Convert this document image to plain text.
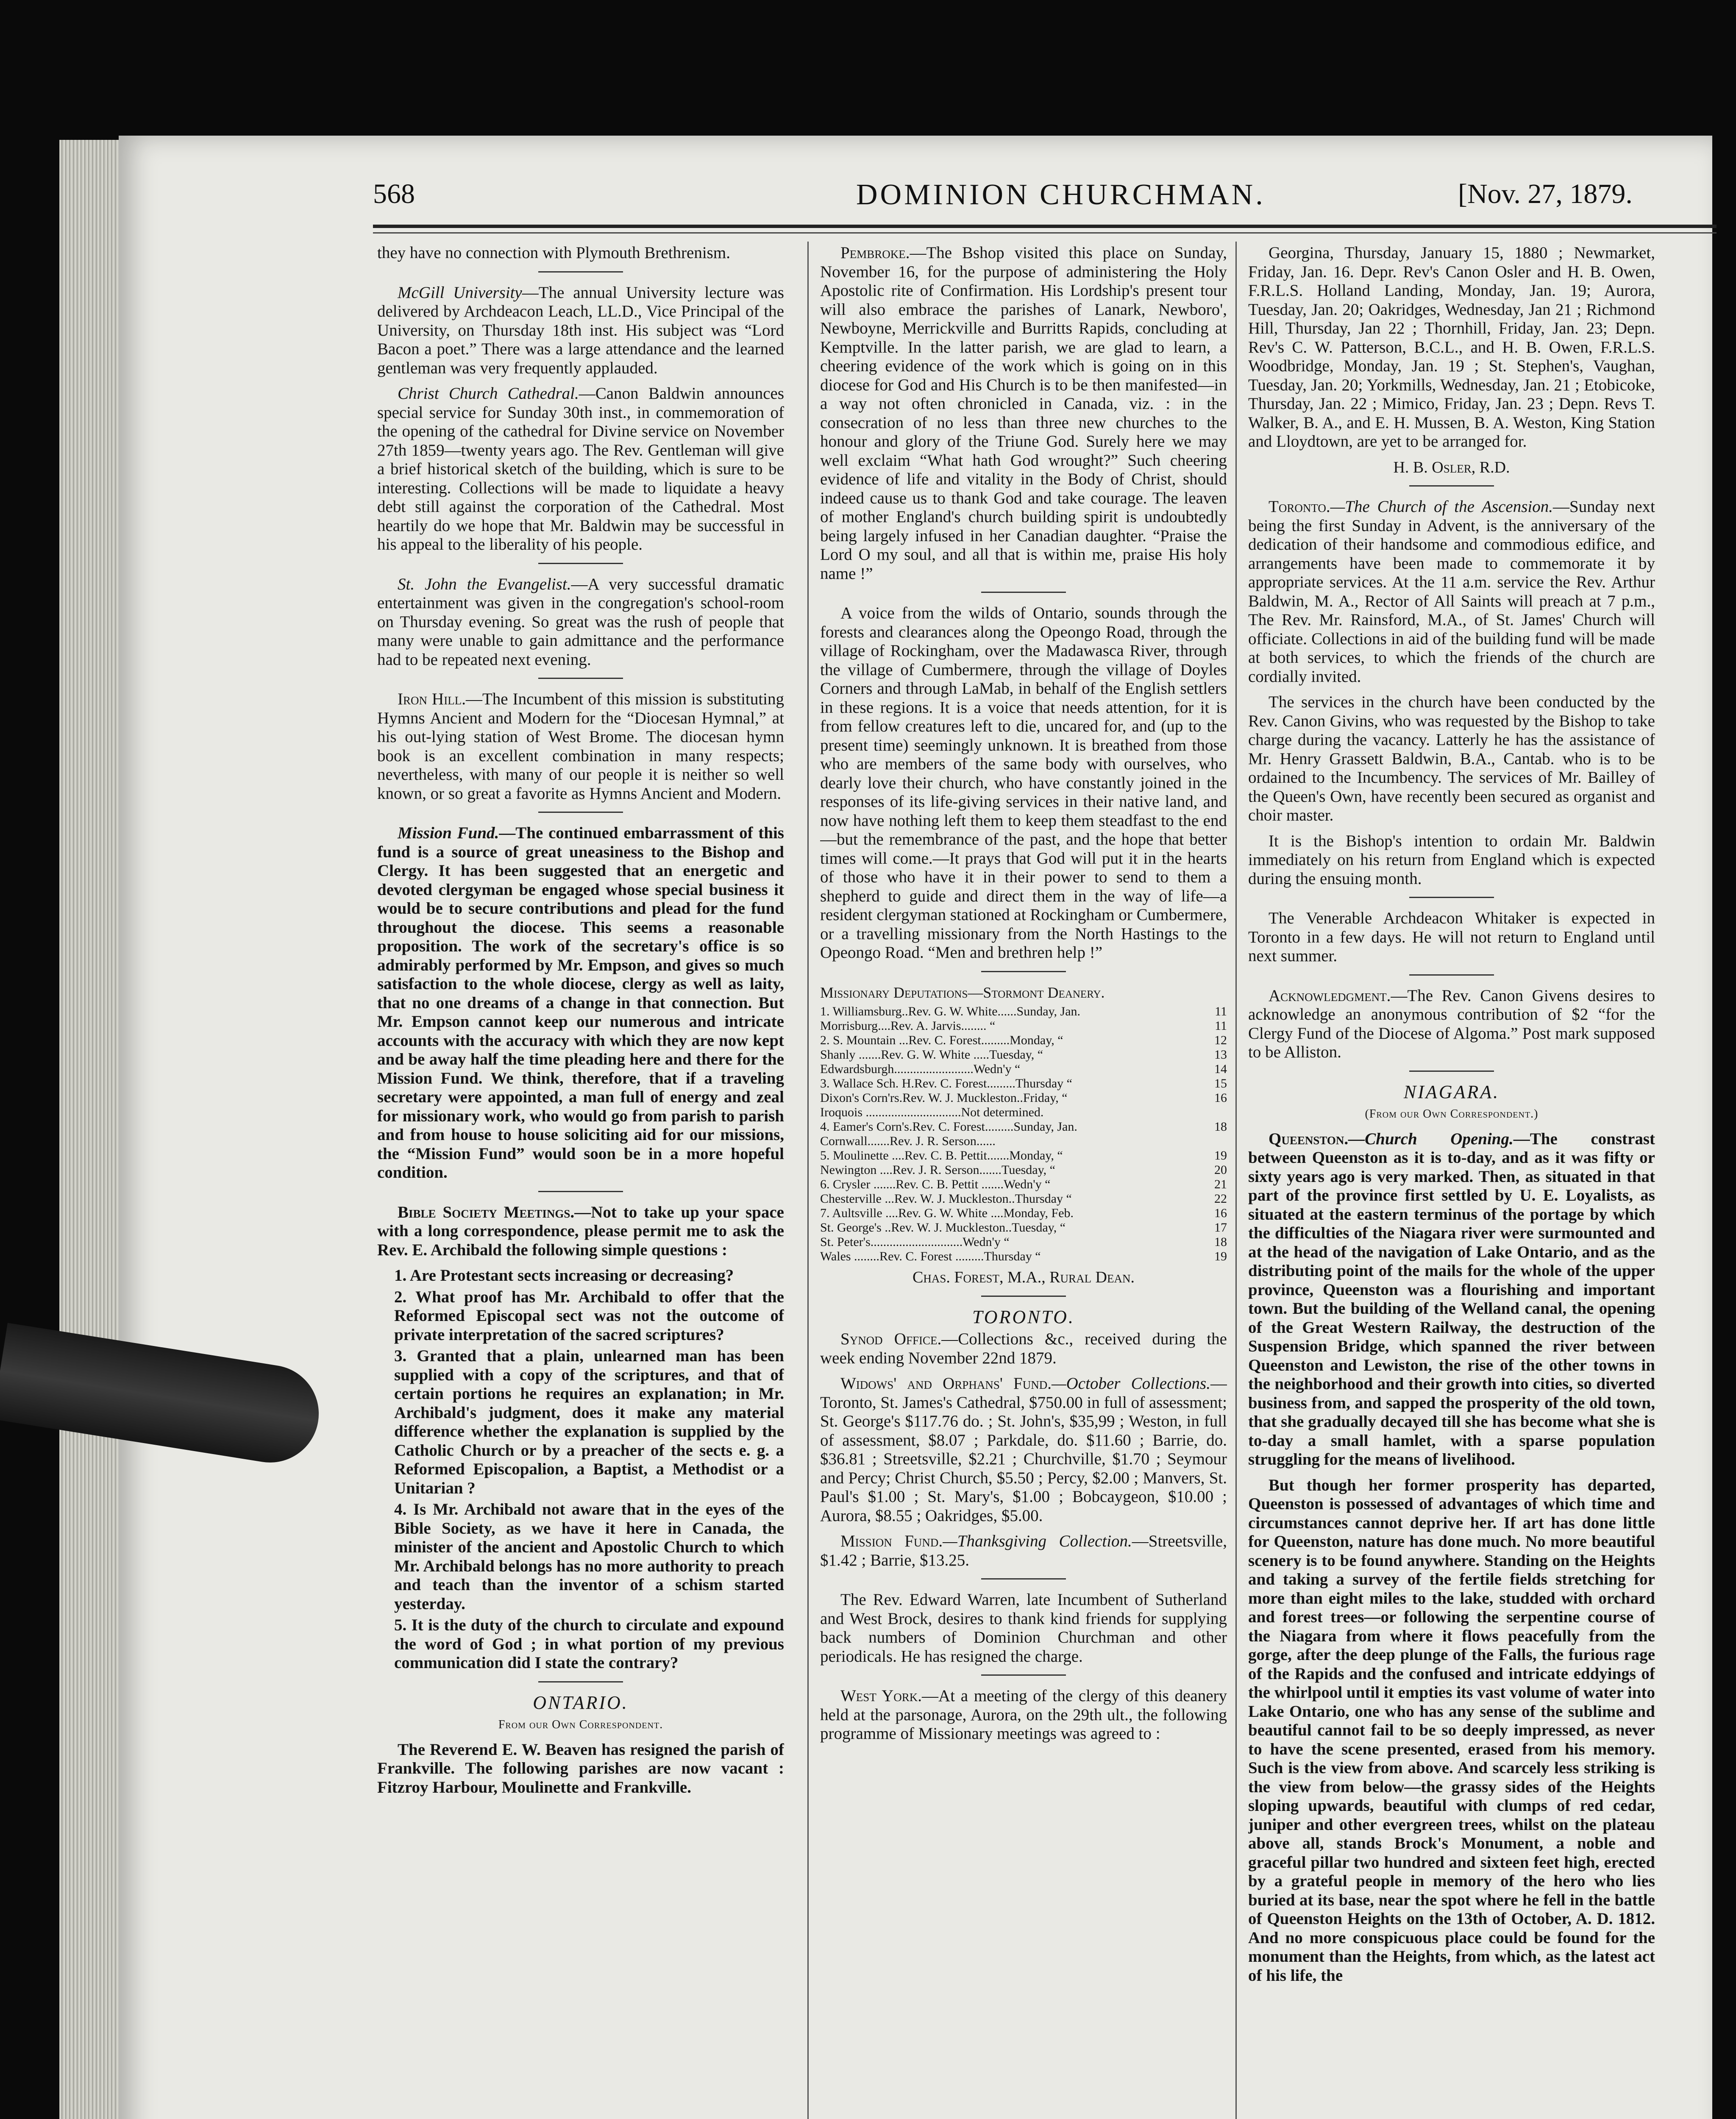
568	DOMINION CHURCHMAN.	[Nov. 27, 1879.

they have no connection with Plymouth Brethrenism.

McGill University—The annual University lecture was delivered by Archdeacon Leach, LL.D., Vice Principal of the University, on Thursday 18th inst. His subject was “Lord Bacon a poet.” There was a large attendance and the learned gentleman was very frequently applauded.

Christ Church Cathedral.—Canon Baldwin announces special service for Sunday 30th inst., in commemoration of the opening of the cathedral for Divine service on November 27th 1859—twenty years ago. The Rev. Gentleman will give a brief historical sketch of the building, which is sure to be interesting. Collections will be made to liquidate a heavy debt still against the corporation of the Cathedral. Most heartily do we hope that Mr. Baldwin may be successful in his appeal to the liberality of his people.

St. John the Evangelist.—A very successful dramatic entertainment was given in the congregation's school-room on Thursday evening. So great was the rush of people that many were unable to gain admittance and the performance had to be repeated next evening.

Iron Hill.—The Incumbent of this mission is substituting Hymns Ancient and Modern for the “Diocesan Hymnal,” at his out-lying station of West Brome. The diocesan hymn book is an excellent combination in many respects; nevertheless, with many of our people it is neither so well known, or so great a favorite as Hymns Ancient and Modern.

Mission Fund.—The continued embarrassment of this fund is a source of great uneasiness to the Bishop and Clergy. It has been suggested that an energetic and devoted clergyman be engaged whose special business it would be to secure contributions and plead for the fund throughout the diocese. This seems a reasonable proposition. The work of the secretary's office is so admirably performed by Mr. Empson, and gives so much satisfaction to the whole diocese, clergy as well as laity, that no one dreams of a change in that connection. But Mr. Empson cannot keep our numerous and intricate accounts with the accuracy with which they are now kept and be away half the time pleading here and there for the Mission Fund. We think, therefore, that if a traveling secretary were appointed, a man full of energy and zeal for missionary work, who would go from parish to parish and from house to house soliciting aid for our missions, the “Mission Fund” would soon be in a more hopeful condition.

Bible Society Meetings.—Not to take up your space with a long correspondence, please permit me to ask the Rev. E. Archibald the following simple questions :

1. Are Protestant sects increasing or decreasing?

2. What proof has Mr. Archibald to offer that the Reformed Episcopal sect was not the outcome of private interpretation of the sacred scriptures?

3. Granted that a plain, unlearned man has been supplied with a copy of the scriptures, and that of certain portions he requires an explanation; in Mr. Archibald's judgment, does it make any material difference whether the explanation is supplied by the Catholic Church or by a preacher of the sects e. g. a Reformed Episcopalion, a Baptist, a Methodist or a Unitarian ?

4. Is Mr. Archibald not aware that in the eyes of the Bible Society, as we have it here in Canada, the minister of the ancient and Apostolic Church to which Mr. Archibald belongs has no more authority to preach and teach than the inventor of a schism started yesterday.

5. It is the duty of the church to circulate and expound the word of God ; in what portion of my previous communication did I state the contrary?

ONTARIO.
From our Own Correspondent.

The Reverend E. W. Beaven has resigned the parish of Frankville. The following parishes are now vacant : Fitzroy Harbour, Moulinette and Frankville.

Pembroke.—The Bshop visited this place on Sunday, November 16, for the purpose of administering the Holy Apostolic rite of Confirmation. His Lordship's present tour will also embrace the parishes of Lanark, Newboro', Newboyne, Merrickville and Burritts Rapids, concluding at Kemptville. In the latter parish, we are glad to learn, a cheering evidence of the work which is going on in this diocese for God and His Church is to be then manifested—in a way not often chronicled in Canada, viz. : in the consecration of no less than three new churches to the honour and glory of the Triune God. Surely here we may well exclaim “What hath God wrought?” Such cheering evidence of life and vitality in the Body of Christ, should indeed cause us to thank God and take courage. The leaven of mother England's church building spirit is undoubtedly being largely infused in her Canadian daughter. “Praise the Lord O my soul, and all that is within me, praise His holy name !”

A voice from the wilds of Ontario, sounds through the forests and clearances along the Opeongo Road, through the village of Rockingham, over the Madawasca River, through the village of Cumbermere, through the village of Doyles Corners and through LaMab, in behalf of the English settlers in these regions. It is a voice that needs attention, for it is from fellow creatures left to die, uncared for, and (up to the present time) seemingly unknown. It is breathed from those who are members of the same body with ourselves, who dearly love their church, who have constantly joined in the responses of its life-giving services in their native land, and now have nothing left them to keep them steadfast to the end—but the remembrance of the past, and the hope that better times will come.—It prays that God will put it in the hearts of those who have it in their power to send to them a shepherd to guide and direct them in the way of life—a resident clergyman stationed at Rockingham or Cumbermere, or a travelling missionary from the North Hastings to the Opeongo Road. “Men and brethren help !”

Missionary Deputations—Stormont Deanery.
1. Williamsburg..Rev. G. W. White......Sunday, Jan.	11
Morrisburg....Rev. A. Jarvis........ “	11
2. S. Mountain ...Rev. C. Forest.........Monday, “	12
Shanly .......Rev. G. W. White .....Tuesday, “	13
Edwardsburgh.........................Wedn'y “	14
3. Wallace Sch. H.Rev. C. Forest.........Thursday “	15
Dixon's Corn'rs.Rev. W. J. Muckleston..Friday, “	16
Iroquois ..............................Not determined.
4. Eamer's Corn's.Rev. C. Forest.........Sunday, Jan.	18
Cornwall.......Rev. J. R. Serson......
5. Moulinette ....Rev. C. B. Pettit.......Monday, “	19
Newington ....Rev. J. R. Serson.......Tuesday, “	20
6. Crysler .......Rev. C. B. Pettit .......Wedn'y “	21
Chesterville ...Rev. W. J. Muckleston..Thursday “	22
7. Aultsville ....Rev. G. W. White ....Monday, Feb.	16
St. George's ..Rev. W. J. Muckleston..Tuesday, “	17
St. Peter's.............................Wedn'y “	18
Wales ........Rev. C. Forest .........Thursday “	19
Chas. Forest, M.A., Rural Dean.
TORONTO.

Synod Office.—Collections &c., received during the week ending November 22nd 1879.

Widows' and Orphans' Fund.—October Collections.—Toronto, St. James's Cathedral, $750.00 in full of assessment; St. George's $117.76 do. ; St. John's, $35,99 ; Weston, in full of assessment, $8.07 ; Parkdale, do. $11.60 ; Barrie, do. $36.81 ; Streetsville, $2.21 ; Churchville, $1.70 ; Seymour and Percy; Christ Church, $5.50 ; Percy, $2.00 ; Manvers, St. Paul's $1.00 ; St. Mary's, $1.00 ; Bobcaygeon, $10.00 ; Aurora, $8.55 ; Oakridges, $5.00.

Mission Fund.—Thanksgiving Collection.—Streetsville, $1.42 ; Barrie, $13.25.

The Rev. Edward Warren, late Incumbent of Sutherland and West Brock, desires to thank kind friends for supplying back numbers of Dominion Churchman and other periodicals. He has resigned the charge.

West York.—At a meeting of the clergy of this deanery held at the parsonage, Aurora, on the 29th ult., the following programme of Missionary meetings was agreed to :

Georgina, Thursday, January 15, 1880 ; Newmarket, Friday, Jan. 16. Depr. Rev's Canon Osler and H. B. Owen, F.R.L.S. Holland Landing, Monday, Jan. 19; Aurora, Tuesday, Jan. 20; Oakridges, Wednesday, Jan 21 ; Richmond Hill, Thursday, Jan 22 ; Thornhill, Friday, Jan. 23; Depn. Rev's C. W. Patterson, B.C.L., and H. B. Owen, F.R.L.S. Woodbridge, Monday, Jan. 19 ; St. Stephen's, Vaughan, Tuesday, Jan. 20; Yorkmills, Wednesday, Jan. 21 ; Etobicoke, Thursday, Jan. 22 ; Mimico, Friday, Jan. 23 ; Depn. Revs T. Walker, B. A., and E. H. Mussen, B. A. Weston, King Station and Lloydtown, are yet to be arranged for.

H. B. Osler, R.D.

Toronto.—The Church of the Ascension.—Sunday next being the first Sunday in Advent, is the anniversary of the dedication of their handsome and commodious edifice, and arrangements have been made to commemorate it by appropriate services. At the 11 a.m. service the Rev. Arthur Baldwin, M. A., Rector of All Saints will preach at 7 p.m., The Rev. Mr. Rainsford, M.A., of St. James' Church will officiate. Collections in aid of the building fund will be made at both services, to which the friends of the church are cordially invited.

The services in the church have been conducted by the Rev. Canon Givins, who was requested by the Bishop to take charge during the vacancy. Latterly he has the assistance of Mr. Henry Grassett Baldwin, B.A., Cantab. who is to be ordained to the Incumbency. The services of Mr. Bailley of the Queen's Own, have recently been secured as organist and choir master.

It is the Bishop's intention to ordain Mr. Baldwin immediately on his return from England which is expected during the ensuing month.

The Venerable Archdeacon Whitaker is expected in Toronto in a few days. He will not return to England until next summer.

Acknowledgment.—The Rev. Canon Givens desires to acknowledge an anonymous contribution of $2 “for the Clergy Fund of the Diocese of Algoma.” Post mark supposed to be Alliston.

NIAGARA.
(From our Own Correspondent.)

Queenston.—Church Opening.—The constrast between Queenston as it is to-day, and as it was fifty or sixty years ago is very marked. Then, as situated in that part of the province first settled by U. E. Loyalists, as situated at the eastern terminus of the portage by which the difficulties of the Niagara river were surmounted and at the head of the navigation of Lake Ontario, and as the distributing point of the mails for the whole of the upper province, Queenston was a flourishing and important town. But the building of the Welland canal, the opening of the Great Western Railway, the destruction of the Suspension Bridge, which spanned the river between Queenston and Lewiston, the rise of the other towns in the neighborhood and their growth into cities, so diverted business from, and sapped the prosperity of the old town, that she gradually decayed till she has become what she is to-day a small hamlet, with a sparse population struggling for the means of livelihood.

But though her former prosperity has departed, Queenston is possessed of advantages of which time and circumstances cannot deprive her. If art has done little for Queenston, nature has done much. No more beautiful scenery is to be found anywhere. Standing on the Heights and taking a survey of the fertile fields stretching for more than eight miles to the lake, studded with orchard and forest trees—or following the serpentine course of the Niagara from where it flows peacefully from the gorge, after the deep plunge of the Falls, the furious rage of the Rapids and the confused and intricate eddyings of the whirlpool until it empties its vast volume of water into Lake Ontario, one who has any sense of the sublime and beautiful cannot fail to be so deeply impressed, as never to have the scene presented, erased from his memory. Such is the view from above. And scarcely less striking is the view from below—the grassy sides of the Heights sloping upwards, beautiful with clumps of red cedar, juniper and other evergreen trees, whilst on the plateau above all, stands Brock's Monument, a noble and graceful pillar two hundred and sixteen feet high, erected by a grateful people in memory of the hero who lies buried at its base, near the spot where he fell in the battle of Queenston Heights on the 13th of October, A. D. 1812. And no more conspicuous place could be found for the monument than the Heights, from which, as the latest act of his life, the
